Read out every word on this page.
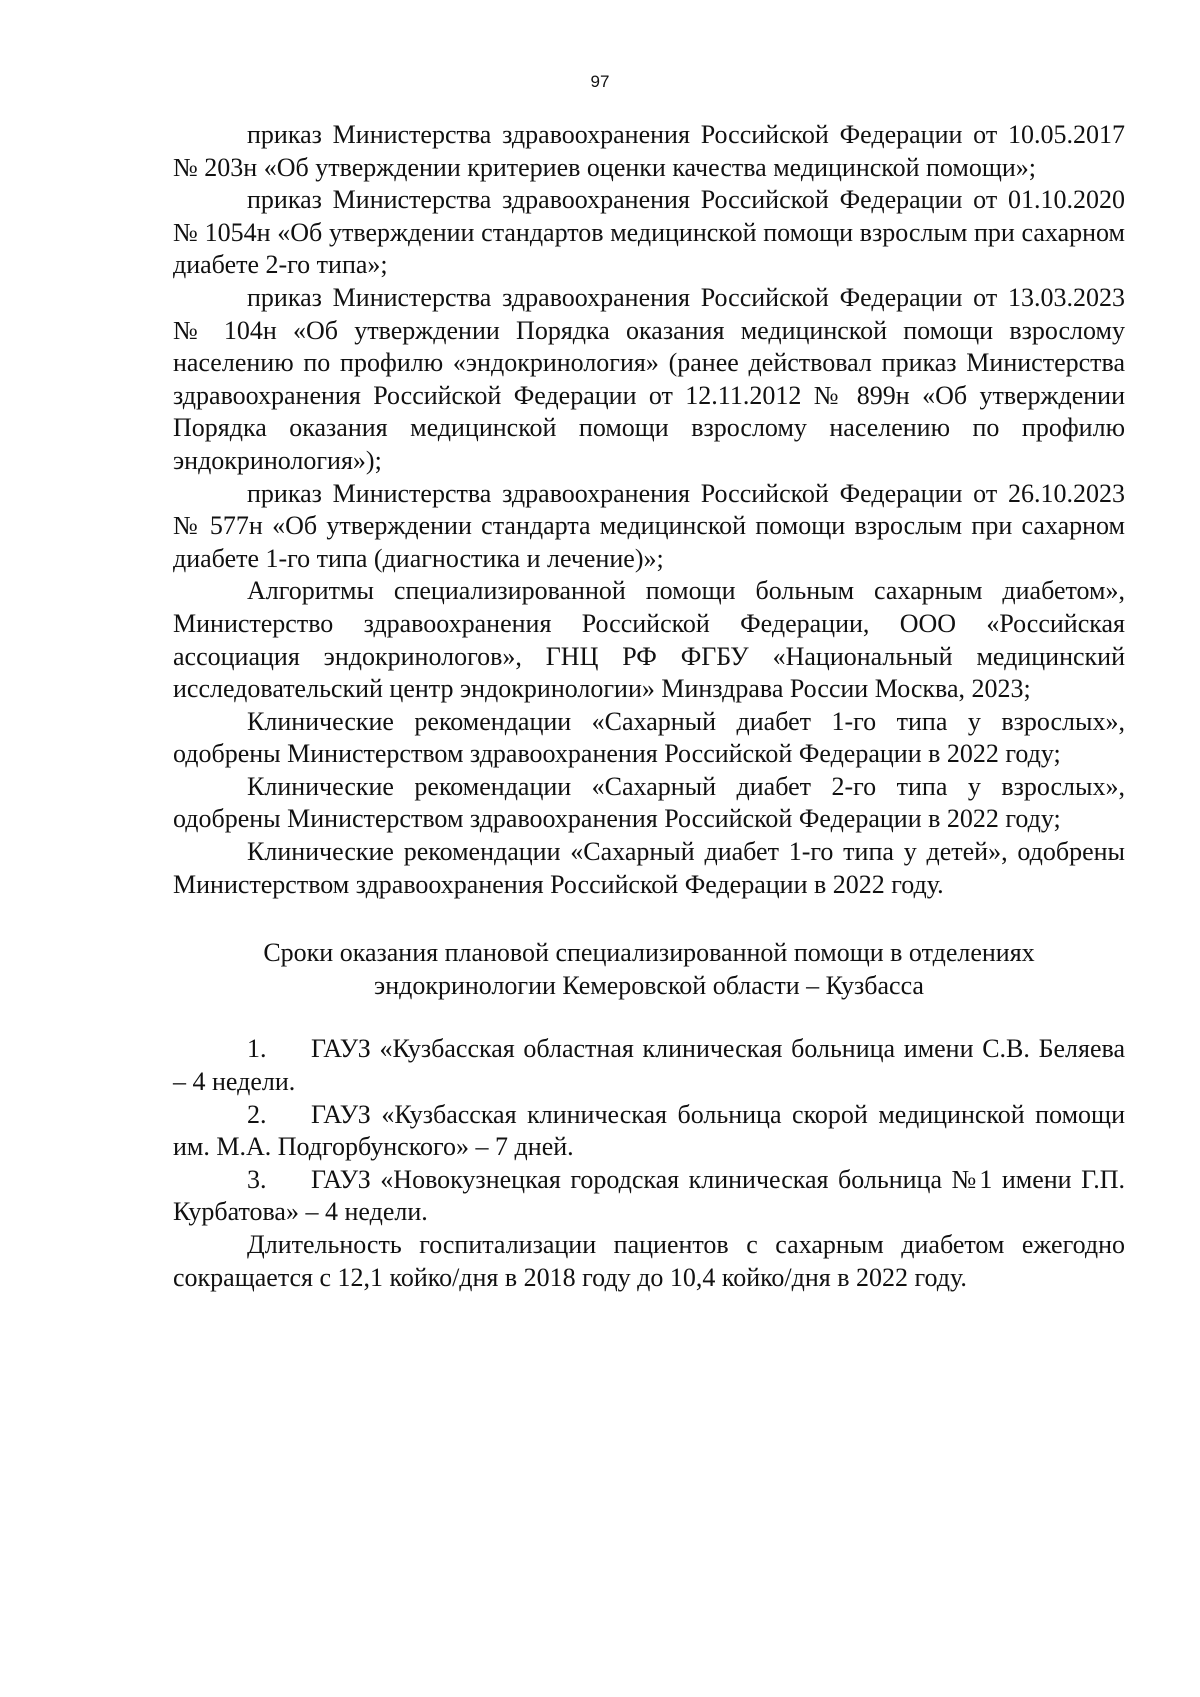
97

приказ Министерства здравоохранения Российской Федерации от 10.05.2017 № 203н «Об утверждении критериев оценки качества медицинской помощи»;

приказ Министерства здравоохранения Российской Федерации от 01.10.2020 № 1054н «Об утверждении стандартов медицинской помощи взрослым при сахарном диабете 2-го типа»;

приказ Министерства здравоохранения Российской Федерации от 13.03.2023 № 104н «Об утверждении Порядка оказания медицинской помощи взрослому населению по профилю «эндокринология» (ранее действовал приказ Министерства здравоохранения Российской Федерации от 12.11.2012 № 899н «Об утверждении Порядка оказания медицинской помощи взрослому населению по профилю эндокринология»);

приказ Министерства здравоохранения Российской Федерации от 26.10.2023 № 577н «Об утверждении стандарта медицинской помощи взрослым при сахарном диабете 1-го типа (диагностика и лечение)»;

Алгоритмы специализированной помощи больным сахарным диабетом», Министерство здравоохранения Российской Федерации, ООО «Российская ассоциация эндокринологов», ГНЦ РФ ФГБУ «Национальный медицинский исследовательский центр эндокринологии» Минздрава России Москва, 2023;

Клинические рекомендации «Сахарный диабет 1-го типа у взрослых», одобрены Министерством здравоохранения Российской Федерации в 2022 году;

Клинические рекомендации «Сахарный диабет 2-го типа у взрослых», одобрены Министерством здравоохранения Российской Федерации в 2022 году;

Клинические рекомендации «Сахарный диабет 1-го типа у детей», одобрены Министерством здравоохранения Российской Федерации в 2022 году.

Сроки оказания плановой специализированной помощи в отделениях
эндокринологии Кемеровской области – Кузбасса

1. ГАУЗ «Кузбасская областная клиническая больница имени С.В. Беляева – 4 недели.

2. ГАУЗ «Кузбасская клиническая больница скорой медицинской помощи им. М.А. Подгорбунского» – 7 дней.

3. ГАУЗ «Новокузнецкая городская клиническая больница №1 имени Г.П. Курбатова» – 4 недели.

Длительность госпитализации пациентов с сахарным диабетом ежегодно сокращается с 12,1 койко/дня в 2018 году до 10,4 койко/дня в 2022 году.
